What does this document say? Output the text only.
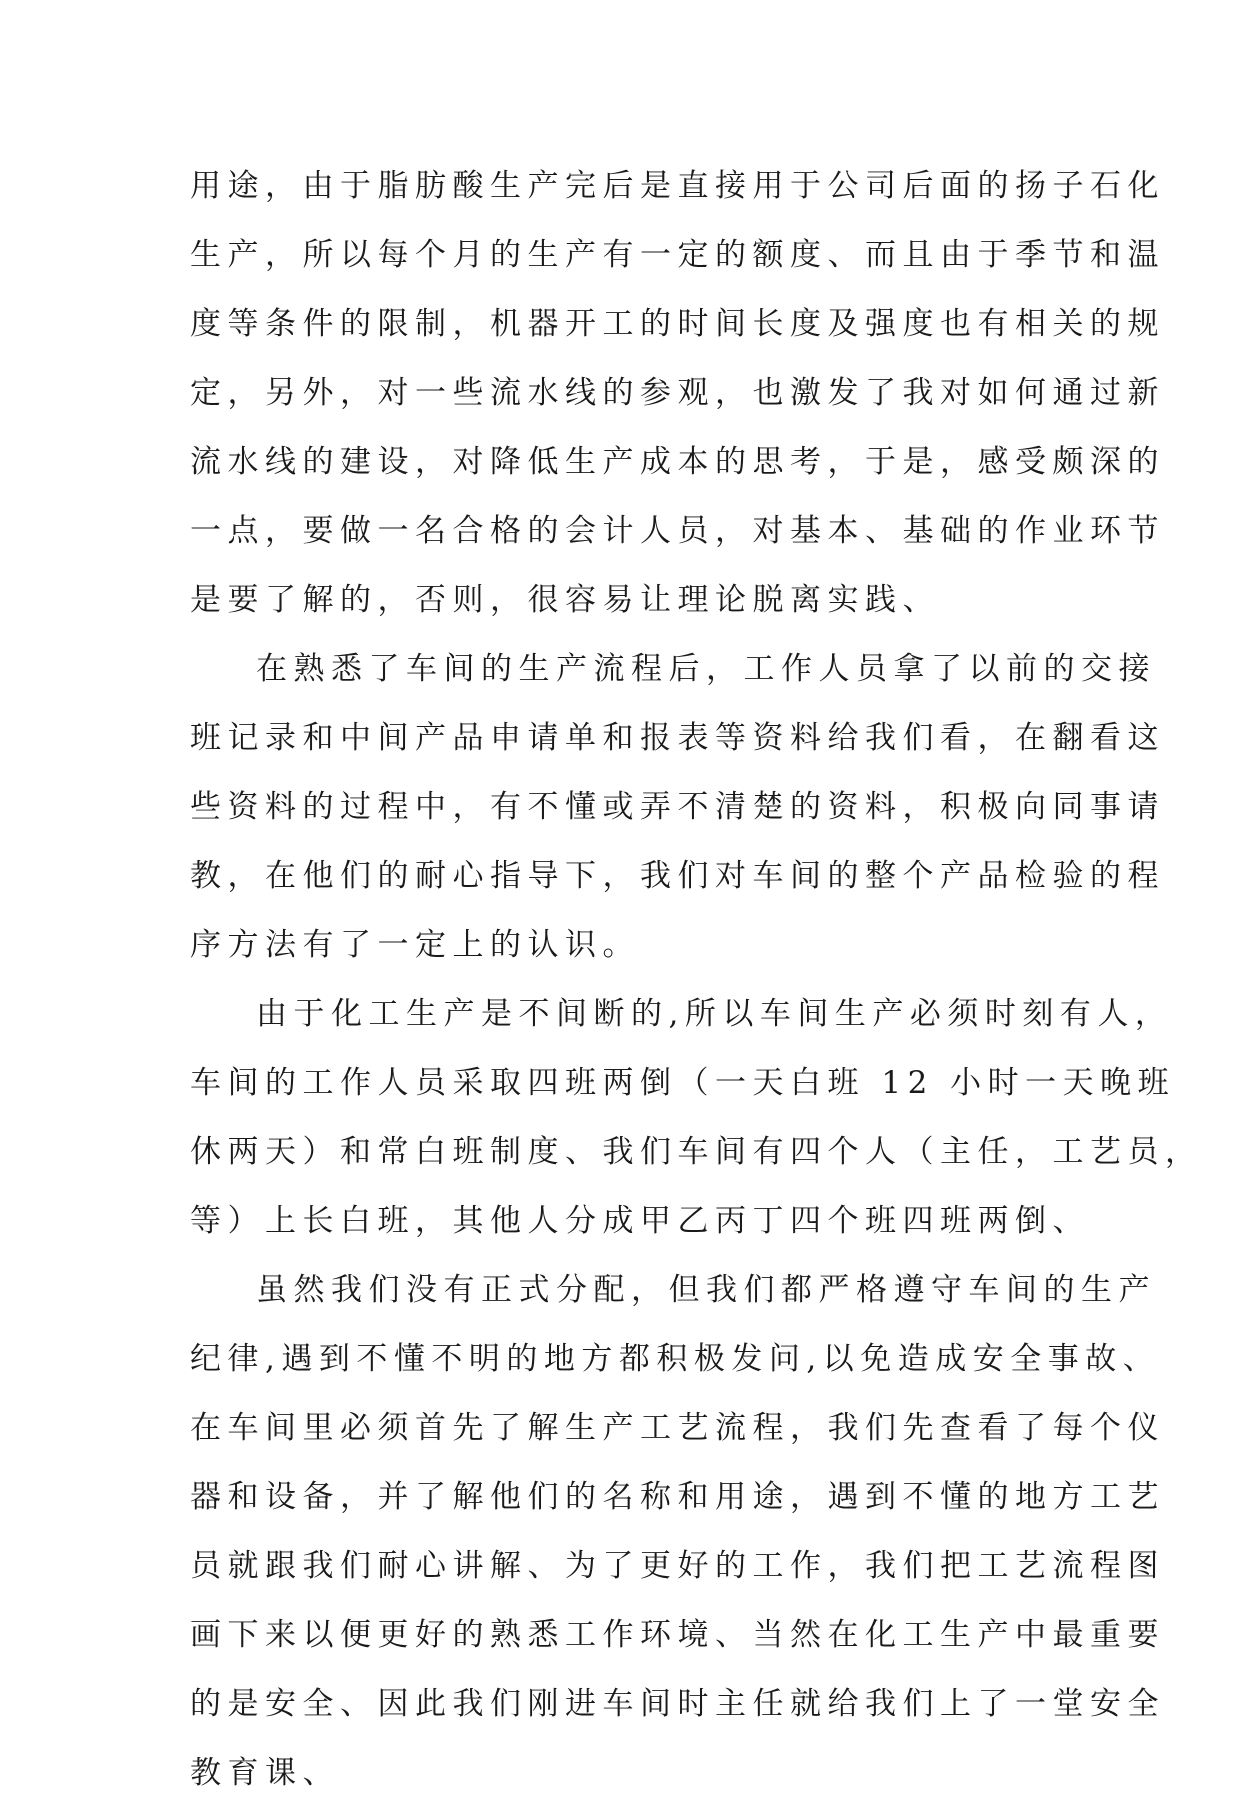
用途，由于脂肪酸生产完后是直接用于公司后面的扬子石化
生产，所以每个月的生产有一定的额度、而且由于季节和温
度等条件的限制，机器开工的时间长度及强度也有相关的规
定，另外，对一些流水线的参观，也激发了我对如何通过新
流水线的建设，对降低生产成本的思考，于是，感受颇深的
一点，要做一名合格的会计人员，对基本、基础的作业环节
是要了解的，否则，很容易让理论脱离实践、
在熟悉了车间的生产流程后，工作人员拿了以前的交接
班记录和中间产品申请单和报表等资料给我们看，在翻看这
些资料的过程中，有不懂或弄不清楚的资料，积极向同事请
教，在他们的耐心指导下，我们对车间的整个产品检验的程
序方法有了一定上的认识。
由于化工生产是不间断的,所以车间生产必须时刻有人，
车间的工作人员采取四班两倒（一天白班 12 小时一天晚班
休两天）和常白班制度、我们车间有四个人（主任，工艺员，
等）上长白班，其他人分成甲乙丙丁四个班四班两倒、
虽然我们没有正式分配，但我们都严格遵守车间的生产
纪律,遇到不懂不明的地方都积极发问,以免造成安全事故、
在车间里必须首先了解生产工艺流程，我们先查看了每个仪
器和设备，并了解他们的名称和用途，遇到不懂的地方工艺
员就跟我们耐心讲解、为了更好的工作，我们把工艺流程图
画下来以便更好的熟悉工作环境、当然在化工生产中最重要
的是安全、因此我们刚进车间时主任就给我们上了一堂安全
教育课、
